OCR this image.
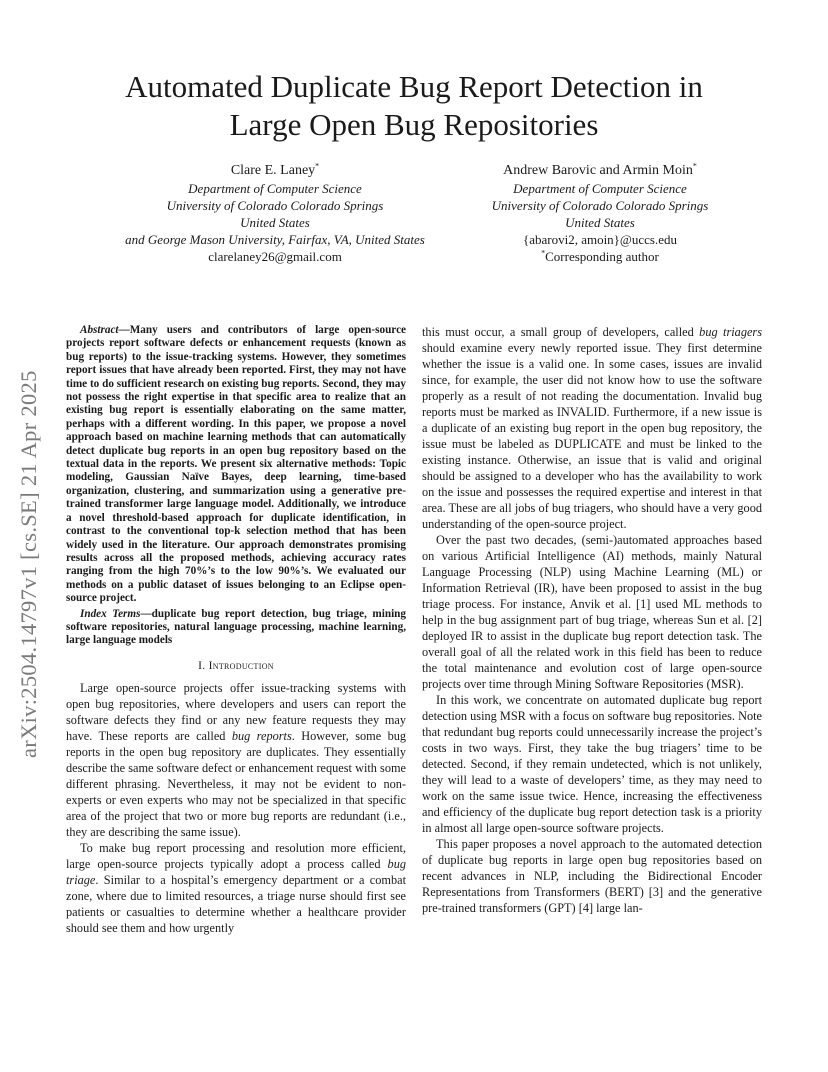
arXiv:2504.14797v1 [cs.SE] 21 Apr 2025
Automated Duplicate Bug Report Detection in
Large Open Bug Repositories
Clare E. Laney*
Department of Computer Science
University of Colorado Colorado Springs
United States
and George Mason University, Fairfax, VA, United States
clarelaney26@gmail.com
Andrew Barovic and Armin Moin*
Department of Computer Science
University of Colorado Colorado Springs
United States
{abarovi2, amoin}@uccs.edu
*Corresponding author

Abstract—Many users and contributors of large open-source projects report software defects or enhancement requests (known as bug reports) to the issue-tracking systems. However, they sometimes report issues that have already been reported. First, they may not have time to do sufficient research on existing bug reports. Second, they may not possess the right expertise in that specific area to realize that an existing bug report is essentially elaborating on the same matter, perhaps with a different wording. In this paper, we propose a novel approach based on machine learning methods that can automatically detect duplicate bug reports in an open bug repository based on the textual data in the reports. We present six alternative methods: Topic modeling, Gaussian Naïve Bayes, deep learning, time-based organization, clustering, and summarization using a generative pre-trained transformer large language model. Additionally, we introduce a novel threshold-based approach for duplicate identification, in contrast to the conventional top-k selection method that has been widely used in the literature. Our approach demonstrates promising results across all the proposed methods, achieving accuracy rates ranging from the high 70%’s to the low 90%’s. We evaluated our methods on a public dataset of issues belonging to an Eclipse open-source project.

Index Terms—duplicate bug report detection, bug triage, mining software repositories, natural language processing, machine learning, large language models

I. Introduction

Large open-source projects offer issue-tracking systems with open bug repositories, where developers and users can report the software defects they find or any new feature requests they may have. These reports are called bug reports. However, some bug reports in the open bug repository are duplicates. They essentially describe the same software defect or enhancement request with some different phrasing. Nevertheless, it may not be evident to non-experts or even experts who may not be specialized in that specific area of the project that two or more bug reports are redundant (i.e., they are describing the same issue).

To make bug report processing and resolution more efficient, large open-source projects typically adopt a process called bug triage. Similar to a hospital’s emergency department or a combat zone, where due to limited resources, a triage nurse should first see patients or casualties to determine whether a healthcare provider should see them and how urgently

this must occur, a small group of developers, called bug triagers should examine every newly reported issue. They first determine whether the issue is a valid one. In some cases, issues are invalid since, for example, the user did not know how to use the software properly as a result of not reading the documentation. Invalid bug reports must be marked as INVALID. Furthermore, if a new issue is a duplicate of an existing bug report in the open bug repository, the issue must be labeled as DUPLICATE and must be linked to the existing instance. Otherwise, an issue that is valid and original should be assigned to a developer who has the availability to work on the issue and possesses the required expertise and interest in that area. These are all jobs of bug triagers, who should have a very good understanding of the open-source project.

Over the past two decades, (semi-)automated approaches based on various Artificial Intelligence (AI) methods, mainly Natural Language Processing (NLP) using Machine Learning (ML) or Information Retrieval (IR), have been proposed to assist in the bug triage process. For instance, Anvik et al. [1] used ML methods to help in the bug assignment part of bug triage, whereas Sun et al. [2] deployed IR to assist in the duplicate bug report detection task. The overall goal of all the related work in this field has been to reduce the total maintenance and evolution cost of large open-source projects over time through Mining Software Repositories (MSR).

In this work, we concentrate on automated duplicate bug report detection using MSR with a focus on software bug repositories. Note that redundant bug reports could unnecessarily increase the project’s costs in two ways. First, they take the bug triagers’ time to be detected. Second, if they remain undetected, which is not unlikely, they will lead to a waste of developers’ time, as they may need to work on the same issue twice. Hence, increasing the effectiveness and efficiency of the duplicate bug report detection task is a priority in almost all large open-source software projects.

This paper proposes a novel approach to the automated detection of duplicate bug reports in large open bug repositories based on recent advances in NLP, including the Bidirectional Encoder Representations from Transformers (BERT) [3] and the generative pre-trained transformers (GPT) [4] large lan-
